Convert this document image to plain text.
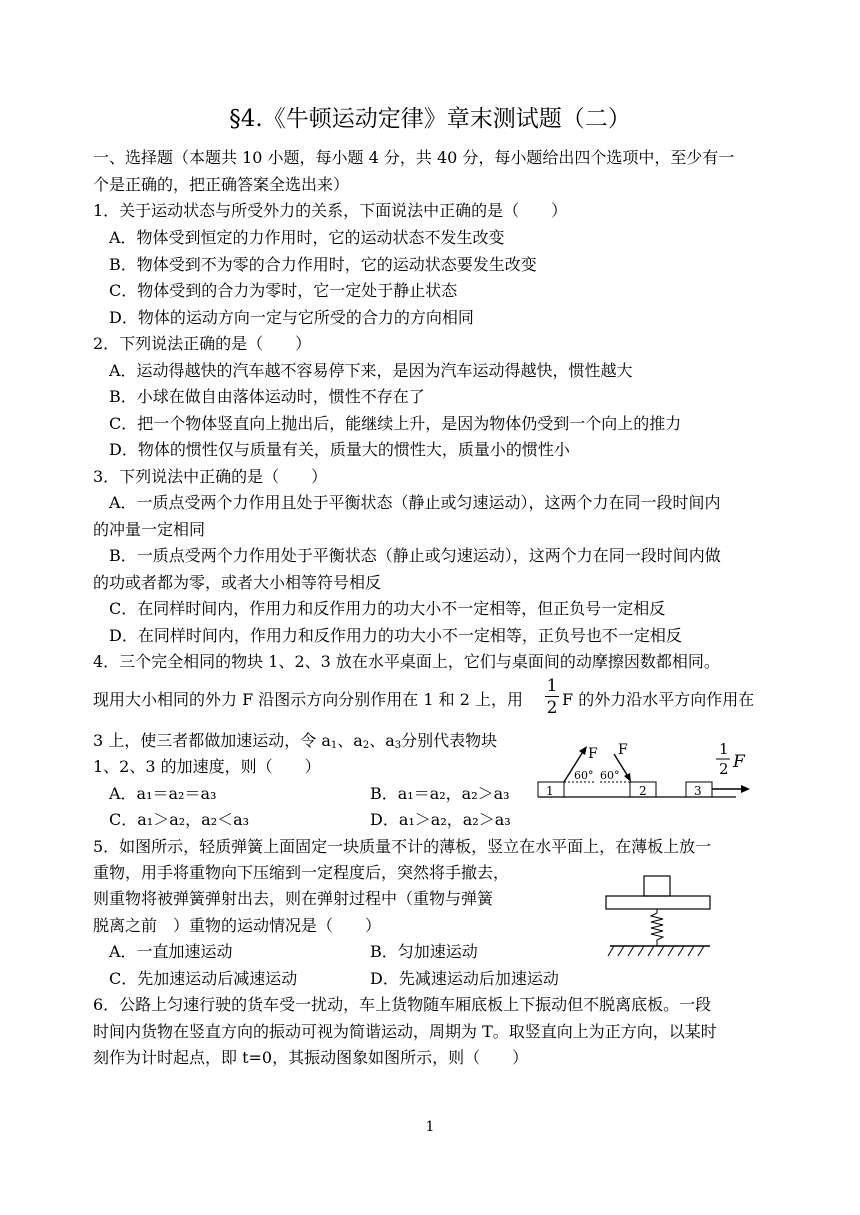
§4.《牛顿运动定律》章末测试题（二）
一、选择题（本题共 10 小题，每小题 4 分，共 40 分，每小题给出四个选项中，至少有一
个是正确的，把正确答案全选出来）
1．关于运动状态与所受外力的关系，下面说法中正确的是（　　）
A．物体受到恒定的力作用时，它的运动状态不发生改变
B．物体受到不为零的合力作用时，它的运动状态要发生改变
C．物体受到的合力为零时，它一定处于静止状态
D．物体的运动方向一定与它所受的合力的方向相同
2．下列说法正确的是（　　）
A．运动得越快的汽车越不容易停下来，是因为汽车运动得越快，惯性越大
B．小球在做自由落体运动时，惯性不存在了
C．把一个物体竖直向上抛出后，能继续上升，是因为物体仍受到一个向上的推力
D．物体的惯性仅与质量有关，质量大的惯性大，质量小的惯性小
3．下列说法中正确的是（　　）
A．一质点受两个力作用且处于平衡状态（静止或匀速运动），这两个力在同一段时间内
的冲量一定相同
B．一质点受两个力作用处于平衡状态（静止或匀速运动），这两个力在同一段时间内做
的功或者都为零，或者大小相等符号相反
C．在同样时间内，作用力和反作用力的功大小不一定相等，但正负号一定相反
D．在同样时间内，作用力和反作用力的功大小不一定相等，正负号也不一定相反
4．三个完全相同的物块 1、2、3 放在水平桌面上，它们与桌面间的动摩擦因数都相同。
现用大小相同的外力 F 沿图示方向分别作用在 1 和 2 上，用
1
2 F 的外力沿水平方向作用在
3 上，使三者都做加速运动，令 $a_1$、$a_2$、$a_3$分别代表物块
1、2、3 的加速度，则（　　）
A．a₁＝a₂＝a₃	B．a₁＝a₂，a₂＞a₃
C．a₁＞a₂，a₂＜a₃	D．a₁＞a₂，a₂＞a₃
1	2	3
F F
60° 60°
1
2 F
5．如图所示，轻质弹簧上面固定一块质量不计的薄板，竖立在水平面上，在薄板上放一
重物，用手将重物向下压缩到一定程度后，突然将手撤去，
则重物将被弹簧弹射出去，则在弹射过程中（重物与弹簧
脱离之前　）重物的运动情况是（　　）
A．一直加速运动	B．匀加速运动
C．先加速运动后减速运动	D．先减速运动后加速运动
6．公路上匀速行驶的货车受一扰动，车上货物随车厢底板上下振动但不脱离底板。一段
时间内货物在竖直方向的振动可视为简谐运动，周期为 T。取竖直向上为正方向，以某时
刻作为计时起点，即 t=0，其振动图象如图所示，则（　　）
1
